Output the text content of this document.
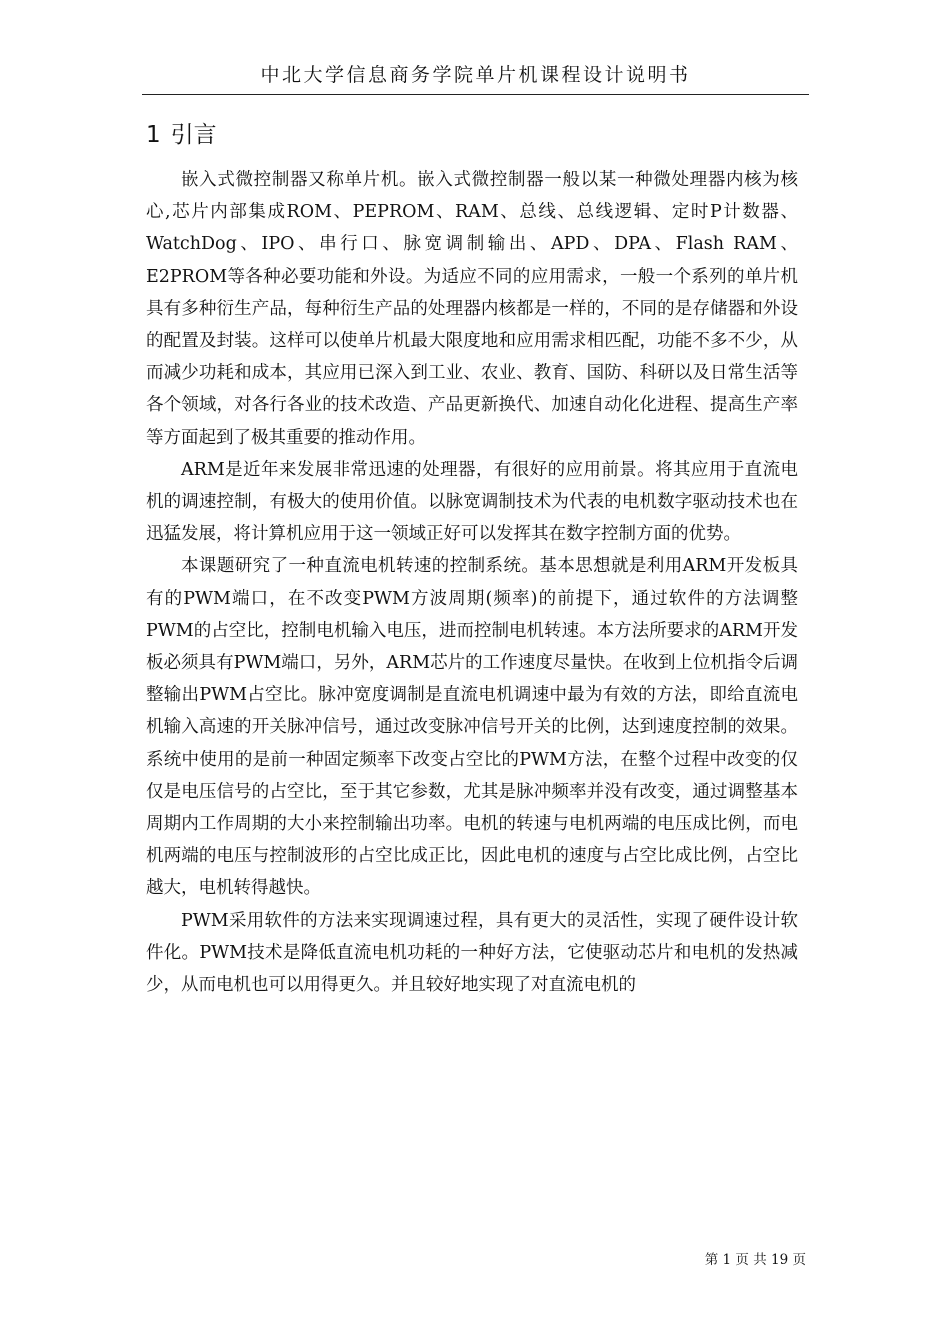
中北大学信息商务学院单片机课程设计说明书
1 引言

嵌入式微控制器又称单片机。嵌入式微控制器一般以某一种微处理器内核为核心,芯片内部集成ROM、PEPROM、RAM、总线、总线逻辑、定时P计数器、WatchDog、IPO、串行口、脉宽调制输出、APD、DPA、Flash RAM、E2PROM等各种必要功能和外设。为适应不同的应用需求，一般一个系列的单片机具有多种衍生产品，每种衍生产品的处理器内核都是一样的，不同的是存储器和外设的配置及封装。这样可以使单片机最大限度地和应用需求相匹配，功能不多不少，从而减少功耗和成本，其应用已深入到工业、农业、教育、国防、科研以及日常生活等各个领域，对各行各业的技术改造、产品更新换代、加速自动化化进程、提高生产率等方面起到了极其重要的推动作用。

ARM是近年来发展非常迅速的处理器，有很好的应用前景。将其应用于直流电机的调速控制，有极大的使用价值。以脉宽调制技术为代表的电机数字驱动技术也在迅猛发展，将计算机应用于这一领域正好可以发挥其在数字控制方面的优势。

本课题研究了一种直流电机转速的控制系统。基本思想就是利用ARM开发板具有的PWM端口，在不改变PWM方波周期(频率)的前提下，通过软件的方法调整PWM的占空比，控制电机输入电压，进而控制电机转速。本方法所要求的ARM开发板必须具有PWM端口，另外，ARM芯片的工作速度尽量快。在收到上位机指令后调整输出PWM占空比。脉冲宽度调制是直流电机调速中最为有效的方法，即给直流电机输入高速的开关脉冲信号，通过改变脉冲信号开关的比例，达到速度控制的效果。系统中使用的是前一种固定频率下改变占空比的PWM方法，在整个过程中改变的仅仅是电压信号的占空比，至于其它参数，尤其是脉冲频率并没有改变，通过调整基本周期内工作周期的大小来控制输出功率。电机的转速与电机两端的电压成比例，而电机两端的电压与控制波形的占空比成正比，因此电机的速度与占空比成比例，占空比越大，电机转得越快。

PWM采用软件的方法来实现调速过程，具有更大的灵活性，实现了硬件设计软件化。PWM技术是降低直流电机功耗的一种好方法，它使驱动芯片和电机的发热减少，从而电机也可以用得更久。并且较好地实现了对直流电机的

第 1 页 共 19 页
